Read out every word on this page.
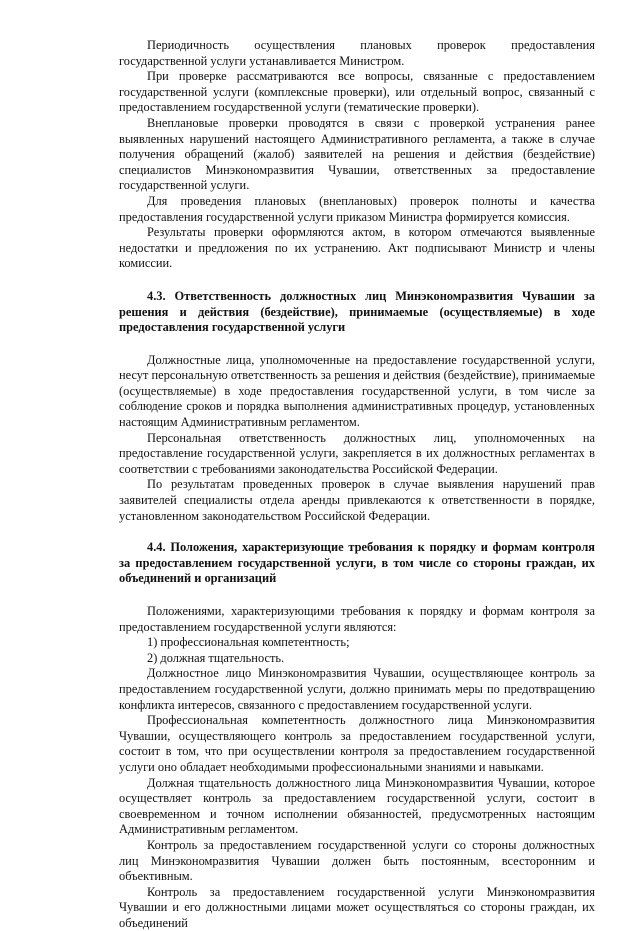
Периодичность осуществления плановых проверок предоставления государственной услуги устанавливается Министром.

При проверке рассматриваются все вопросы, связанные с предоставлением государственной услуги (комплексные проверки), или отдельный вопрос, связанный с предоставлением государственной услуги (тематические проверки).

Внеплановые проверки проводятся в связи с проверкой устранения ранее выявленных нарушений настоящего Административного регламента, а также в случае получения обращений (жалоб) заявителей на решения и действия (бездействие) специалистов Минэкономразвития Чувашии, ответственных за предоставление государственной услуги.

Для проведения плановых (внеплановых) проверок полноты и качества предоставления государственной услуги приказом Министра формируется комиссия.

Результаты проверки оформляются актом, в котором отмечаются выявленные недостатки и предложения по их устранению. Акт подписывают Министр и члены комиссии.

4.3. Ответственность должностных лиц Минэкономразвития Чувашии за решения и действия (бездействие), принимаемые (осуществляемые) в ходе предоставления государственной услуги

Должностные лица, уполномоченные на предоставление государственной услуги, несут персональную ответственность за решения и действия (бездействие), принимаемые (осуществляемые) в ходе предоставления государственной услуги, в том числе за соблюдение сроков и порядка выполнения административных процедур, установленных настоящим Административным регламентом.

Персональная ответственность должностных лиц, уполномоченных на предоставление государственной услуги, закрепляется в их должностных регламентах в соответствии с требованиями законодательства Российской Федерации.

По результатам проведенных проверок в случае выявления нарушений прав заявителей специалисты отдела аренды привлекаются к ответственности в порядке, установленном законодательством Российской Федерации.

4.4. Положения, характеризующие требования к порядку и формам контроля за предоставлением государственной услуги, в том числе со стороны граждан, их объединений и организаций

Положениями, характеризующими требования к порядку и формам контроля за предоставлением государственной услуги являются:

1) профессиональная компетентность;

2) должная тщательность.

Должностное лицо Минэкономразвития Чувашии, осуществляющее контроль за предоставлением государственной услуги, должно принимать меры по предотвращению конфликта интересов, связанного с предоставлением государственной услуги.

Профессиональная компетентность должностного лица Минэкономразвития Чувашии, осуществляющего контроль за предоставлением государственной услуги, состоит в том, что при осуществлении контроля за предоставлением государственной услуги оно обладает необходимыми профессиональными знаниями и навыками.

Должная тщательность должностного лица Минэкономразвития Чувашии, которое осуществляет контроль за предоставлением государственной услуги, состоит в своевременном и точном исполнении обязанностей, предусмотренных настоящим Административным регламентом.

Контроль за предоставлением государственной услуги со стороны должностных лиц Минэкономразвития Чувашии должен быть постоянным, всесторонним и объективным.

Контроль за предоставлением государственной услуги Минэкономразвития Чувашии и его должностными лицами может осуществляться со стороны граждан, их объединений
